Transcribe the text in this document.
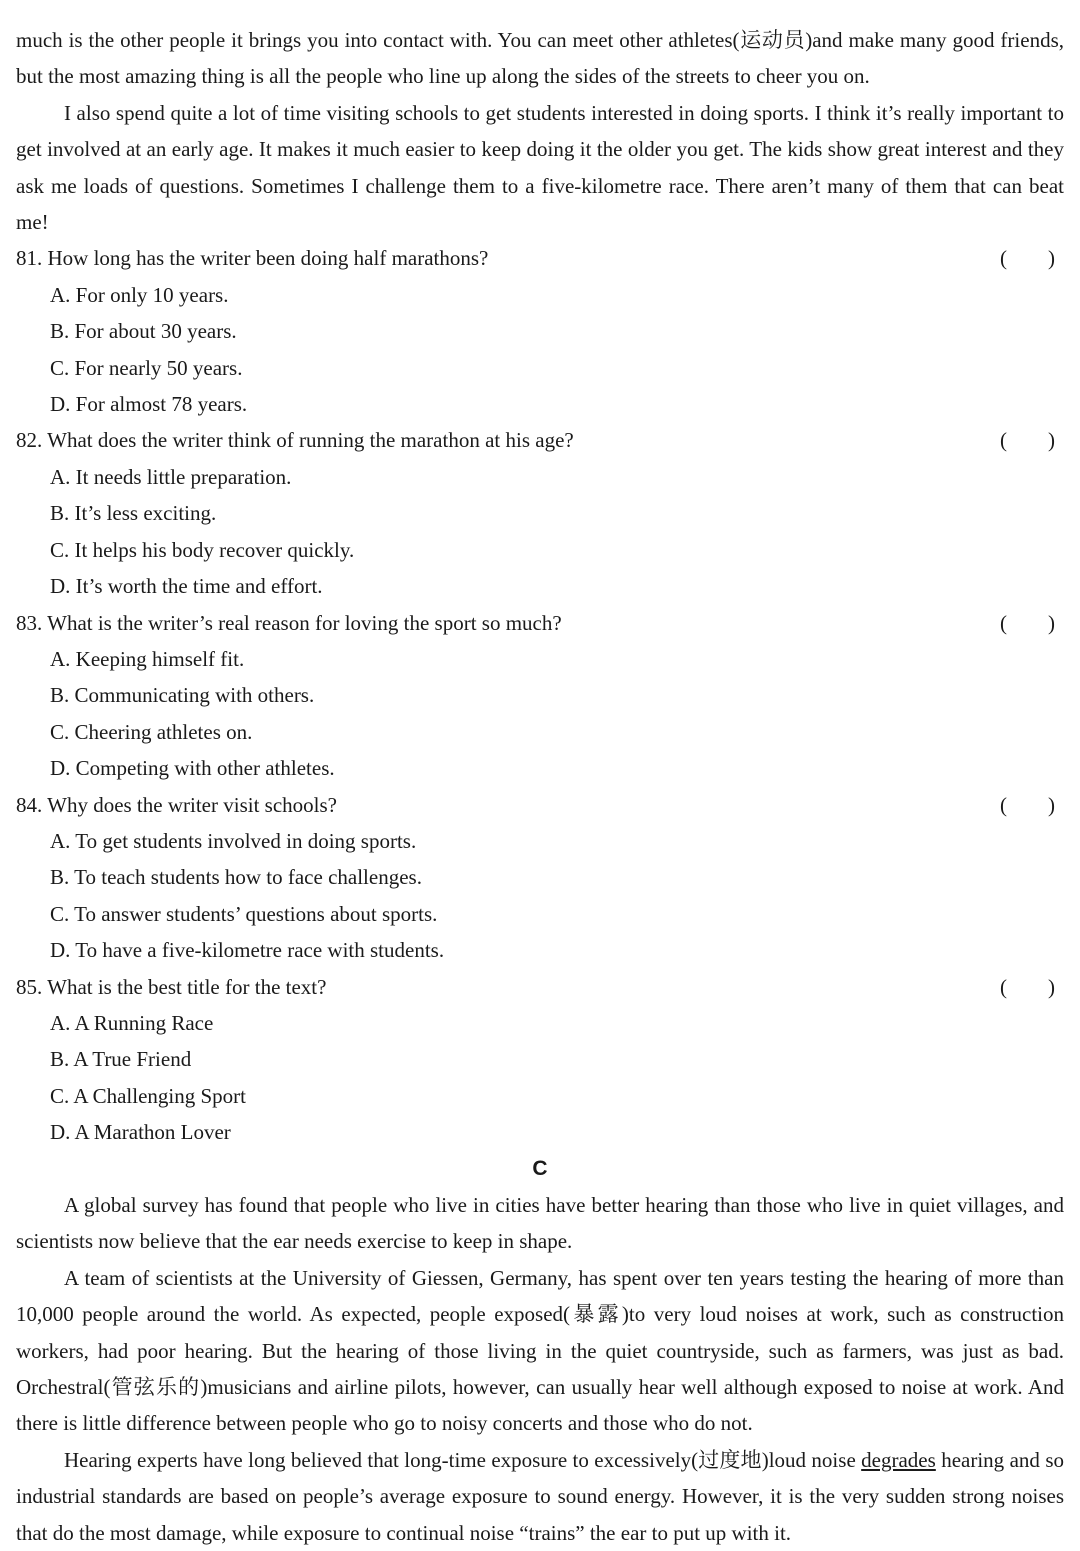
much is the other people it brings you into contact with. You can meet other athletes(运动员)and make many good friends, but the most amazing thing is all the people who line up along the sides of the streets to cheer you on.

I also spend quite a lot of time visiting schools to get students interested in doing sports. I think it’s really important to get involved at an early age. It makes it much easier to keep doing it the older you get. The kids show great interest and they ask me loads of questions. Sometimes I challenge them to a five-kilometre race. There aren’t many of them that can beat me!

81. How long has the writer been doing half marathons?	( )
A. For only 10 years.
B. For about 30 years.
C. For nearly 50 years.
D. For almost 78 years.
82. What does the writer think of running the marathon at his age?	( )
A. It needs little preparation.
B. It’s less exciting.
C. It helps his body recover quickly.
D. It’s worth the time and effort.
83. What is the writer’s real reason for loving the sport so much?	( )
A. Keeping himself fit.
B. Communicating with others.
C. Cheering athletes on.
D. Competing with other athletes.
84. Why does the writer visit schools?	( )
A. To get students involved in doing sports.
B. To teach students how to face challenges.
C. To answer students’ questions about sports.
D. To have a five-kilometre race with students.
85. What is the best title for the text?	( )
A. A Running Race
B. A True Friend
C. A Challenging Sport
D. A Marathon Lover
C

A global survey has found that people who live in cities have better hearing than those who live in quiet villages, and scientists now believe that the ear needs exercise to keep in shape.

A team of scientists at the University of Giessen, Germany, has spent over ten years testing the hearing of more than 10,000 people around the world. As expected, people exposed(暴露)to very loud noises at work, such as construction workers, had poor hearing. But the hearing of those living in the quiet countryside, such as farmers, was just as bad. Orchestral(管弦乐的)musicians and airline pilots, however, can usually hear well although exposed to noise at work. And there is little difference between people who go to noisy concerts and those who do not.

Hearing experts have long believed that long-time exposure to excessively(过度地)loud noise degrades hearing and so industrial standards are based on people’s average exposure to sound energy. However, it is the very sudden strong noises that do the most damage, while exposure to continual noise “trains” the ear to put up with it.
